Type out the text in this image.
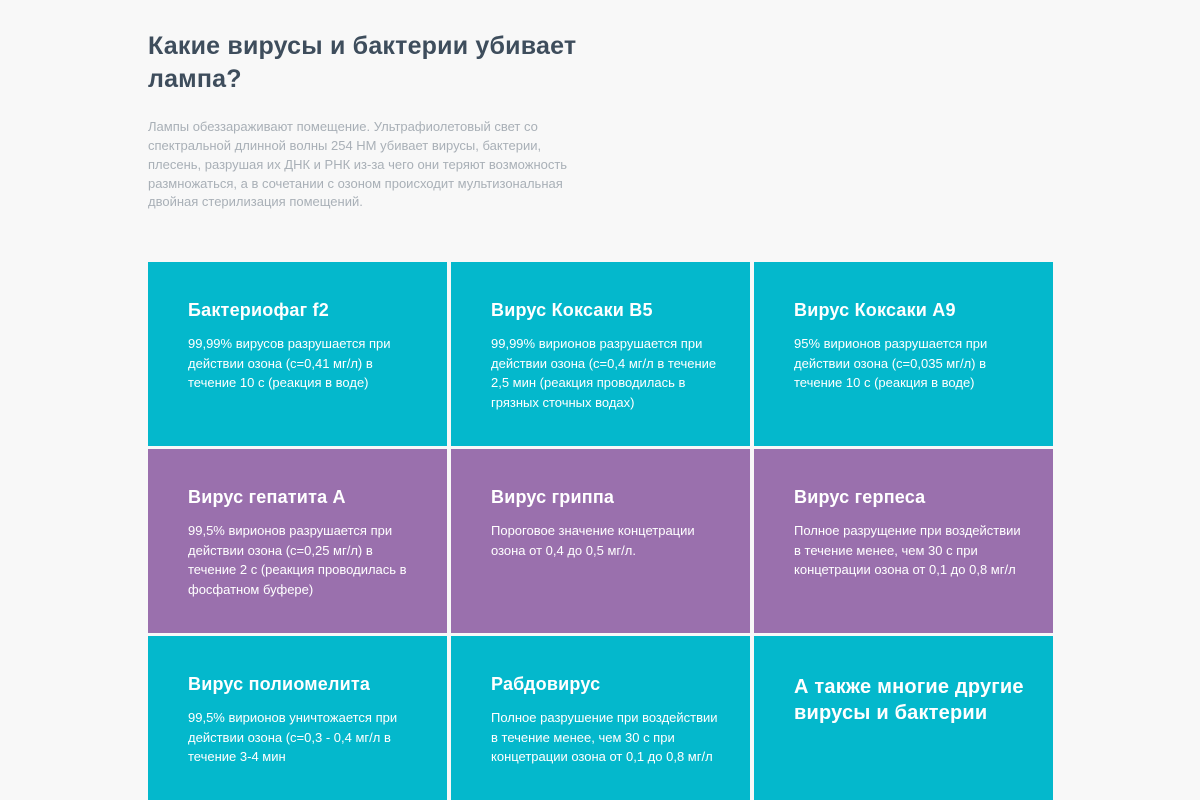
Какие вирусы и бактерии убивает лампа?

Лампы обеззараживают помещение. Ультрафиолетовый свет со спектральной длинной волны 254 НМ убивает вирусы, бактерии, плесень, разрушая их ДНК и РНК из-за чего они теряют возможность размножаться, а в сочетании с озоном происходит мультизональная двойная стерилизация помещений.

Бактериофаг f2
99,99% вирусов разрушается при действии озона (с=0,41 мг/л) в течение 10 с (реакция в воде)
Вирус Коксаки В5
99,99% вирионов разрушается при действии озона (с=0,4 мг/л в течение 2,5 мин (реакция проводилась в грязных сточных водах)
Вирус Коксаки А9
95% вирионов разрушается при действии озона (с=0,035 мг/л) в течение 10 с (реакция в воде)
Вирус гепатита А
99,5% вирионов разрушается при действии озона (с=0,25 мг/л) в течение 2 с (реакция проводилась в фосфатном буфере)
Вирус гриппа
Пороговое значение концетрации озона от 0,4 до 0,5 мг/л.
Вирус герпеса
Полное разрущение при воздействии в течение менее, чем 30 с при концетрации озона от 0,1 до 0,8 мг/л
Вирус полиомелита
99,5% вирионов уничтожается при действии озона (с=0,3 - 0,4 мг/л в течение 3-4 мин
Рабдовирус
Полное разрушение при воздействии в течение менее, чем 30 с при концетрации озона от 0,1 до 0,8 мг/л
А также многие другие вирусы и бактерии
